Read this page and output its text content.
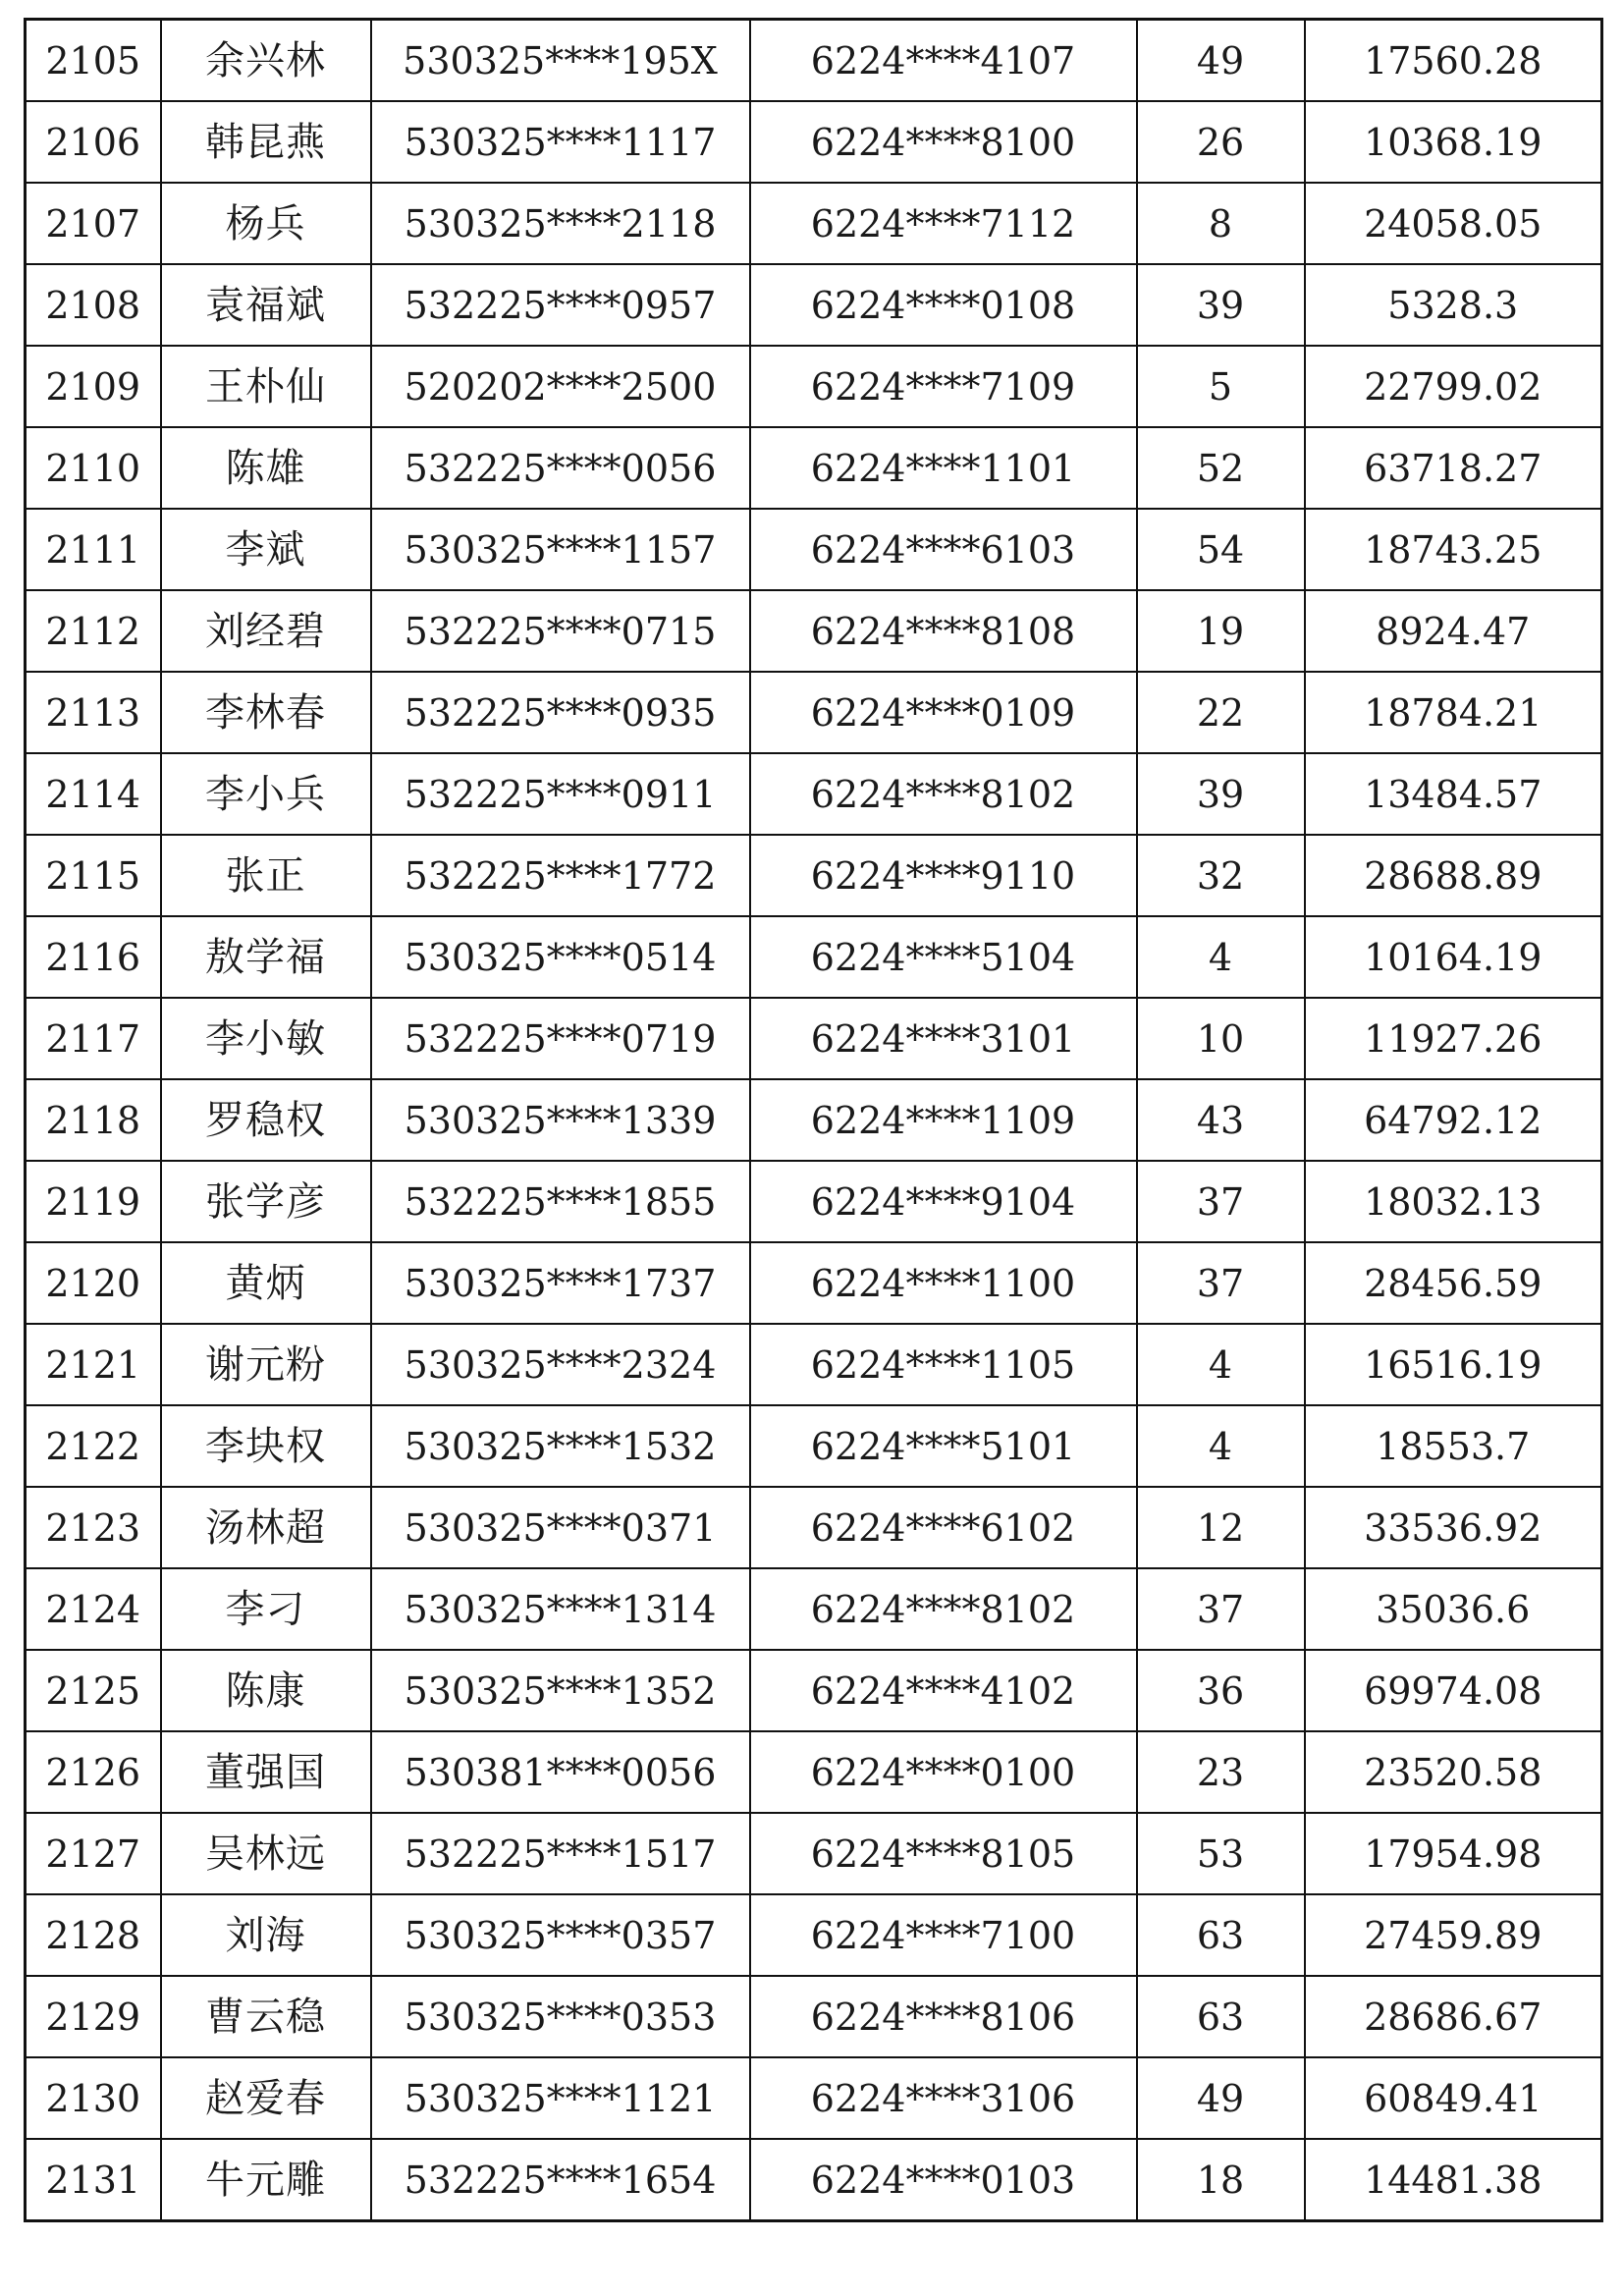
2105	余兴林	530325****195X	6224****4107	49	17560.28
2106	韩昆燕	530325****1117	6224****8100	26	10368.19
2107	杨兵	530325****2118	6224****7112	8	24058.05
2108	袁福斌	532225****0957	6224****0108	39	5328.3
2109	王朴仙	520202****2500	6224****7109	5	22799.02
2110	陈雄	532225****0056	6224****1101	52	63718.27
2111	李斌	530325****1157	6224****6103	54	18743.25
2112	刘经碧	532225****0715	6224****8108	19	8924.47
2113	李林春	532225****0935	6224****0109	22	18784.21
2114	李小兵	532225****0911	6224****8102	39	13484.57
2115	张正	532225****1772	6224****9110	32	28688.89
2116	敖学福	530325****0514	6224****5104	4	10164.19
2117	李小敏	532225****0719	6224****3101	10	11927.26
2118	罗稳权	530325****1339	6224****1109	43	64792.12
2119	张学彦	532225****1855	6224****9104	37	18032.13
2120	黄炳	530325****1737	6224****1100	37	28456.59
2121	谢元粉	530325****2324	6224****1105	4	16516.19
2122	李块权	530325****1532	6224****5101	4	18553.7
2123	汤林超	530325****0371	6224****6102	12	33536.92
2124	李刁	530325****1314	6224****8102	37	35036.6
2125	陈康	530325****1352	6224****4102	36	69974.08
2126	董强国	530381****0056	6224****0100	23	23520.58
2127	吴林远	532225****1517	6224****8105	53	17954.98
2128	刘海	530325****0357	6224****7100	63	27459.89
2129	曹云稳	530325****0353	6224****8106	63	28686.67
2130	赵爱春	530325****1121	6224****3106	49	60849.41
2131	牛元雕	532225****1654	6224****0103	18	14481.38
